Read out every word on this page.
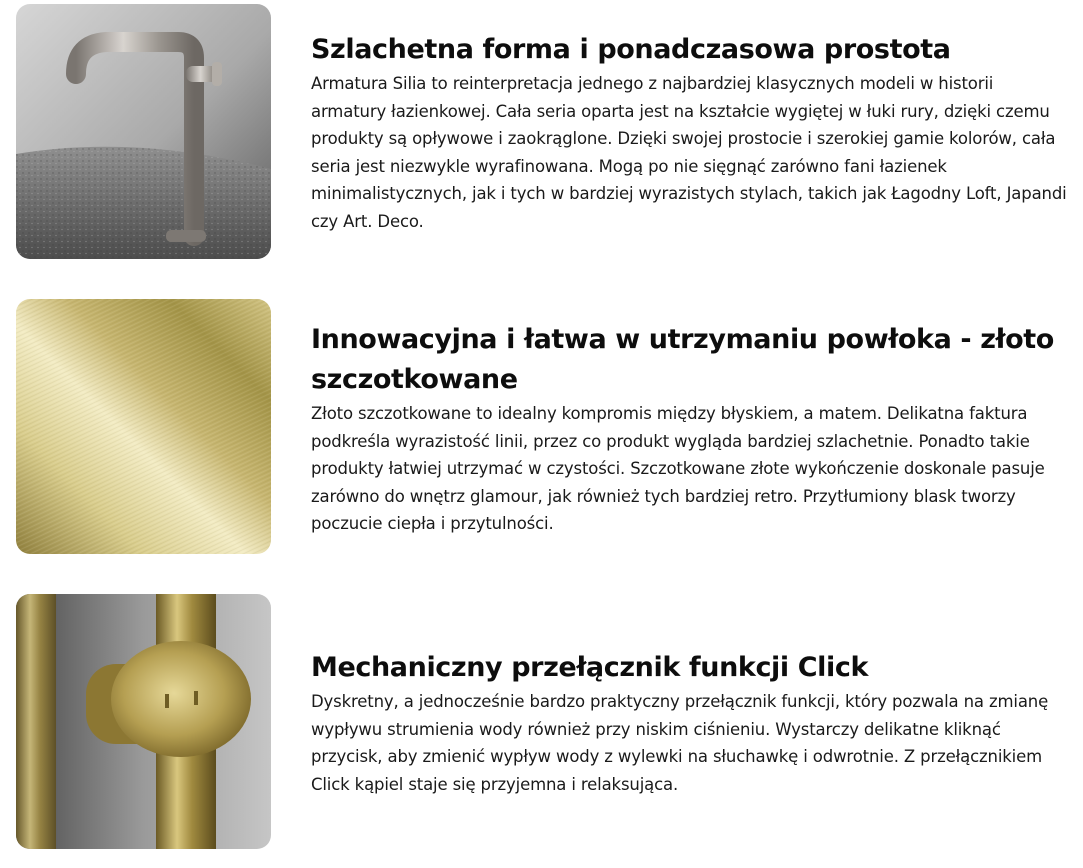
Szlachetna forma i ponadczasowa prostota

Armatura Silia to reinterpretacja jednego z najbardziej klasycznych modeli w historii armatury łazienkowej. Cała seria oparta jest na kształcie wygiętej w łuki rury, dzięki czemu produkty są opływowe i zaokrąglone. Dzięki swojej prostocie i szerokiej gamie kolorów, cała seria jest niezwykle wyrafinowana. Mogą po nie sięgnąć zarówno fani łazienek minimalistycznych, jak i tych w bardziej wyrazistych stylach, takich jak Łagodny Loft, Japandi czy Art. Deco.

Innowacyjna i łatwa w utrzymaniu powłoka - złoto szczotkowane

Złoto szczotkowane to idealny kompromis między błyskiem, a matem. Delikatna faktura podkreśla wyrazistość linii, przez co produkt wygląda bardziej szlachetnie. Ponadto takie produkty łatwiej utrzymać w czystości. Szczotkowane złote wykończenie doskonale pasuje zarówno do wnętrz glamour, jak również tych bardziej retro. Przytłumiony blask tworzy poczucie ciepła i przytulności.

Mechaniczny przełącznik funkcji Click

Dyskretny, a jednocześnie bardzo praktyczny przełącznik funkcji, który pozwala na zmianę wypływu strumienia wody również przy niskim ciśnieniu. Wystarczy delikatne kliknąć przycisk, aby zmienić wypływ wody z wylewki na słuchawkę i odwrotnie. Z przełącznikiem Click kąpiel staje się przyjemna i relaksująca.
